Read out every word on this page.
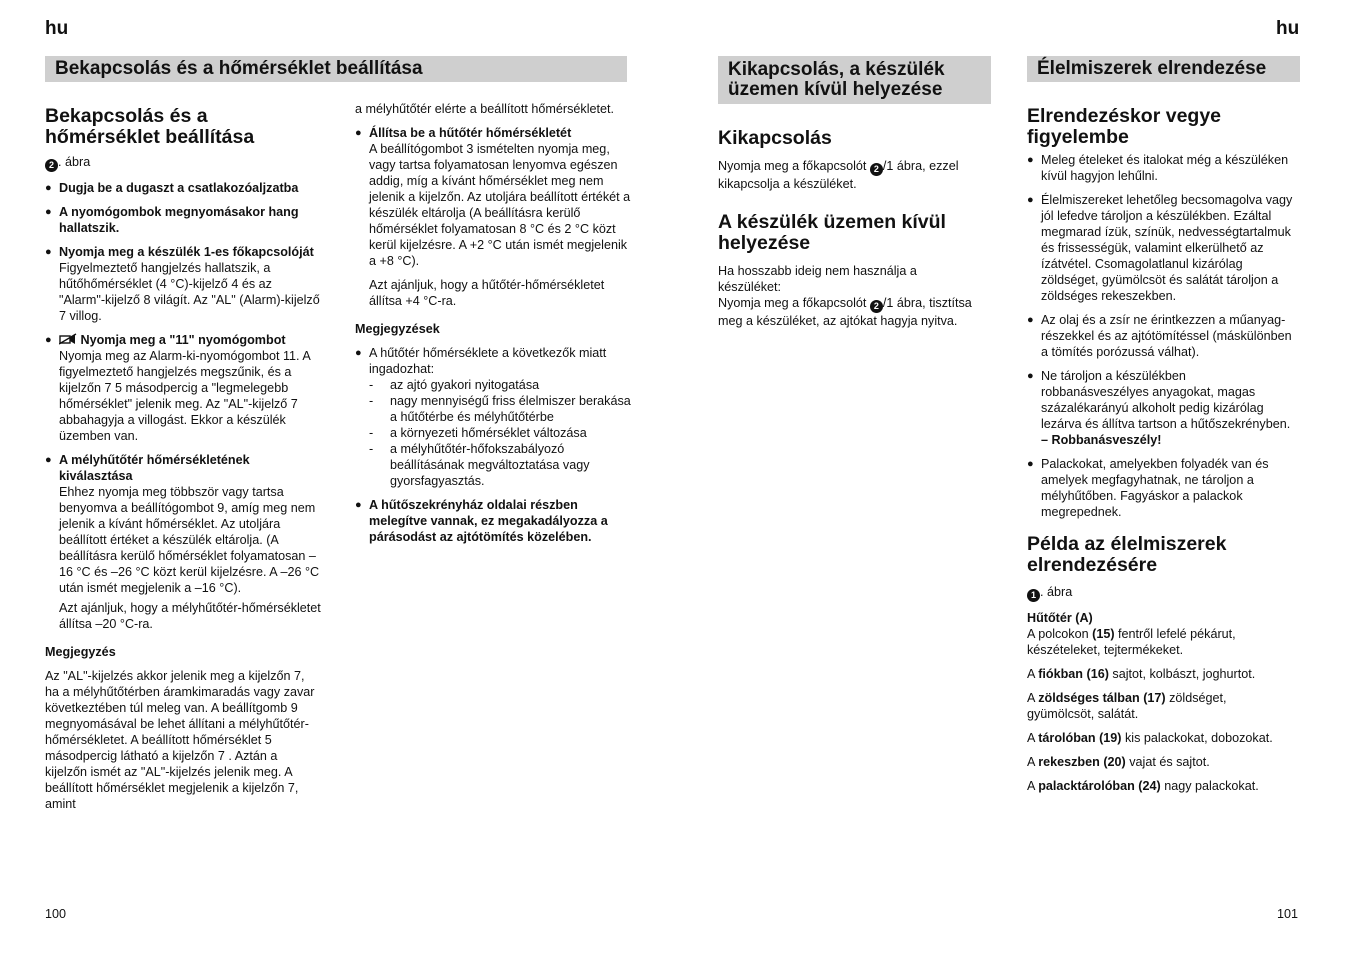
hu	hu
100	101
Bekapcsolás és a hőmérséklet beállítása	Kikapcsolás, a készülék üzemen kívül helyezése
Élelmiszerek elrendezése
Bekapcsolás és a hőmérséklet beállítása

2 . ábra

● Dugja be a dugaszt a csatlakozóaljzatba
● A nyomógombok megnyomásakor hang hallatszik.
● Nyomja meg a készülék 1-es főkapcsolóját
Figyelmeztető hangjelzés hallatszik, a hűtőhőmérséklet (4 °C)-kijelző 4 és az "Alarm"-kijelző 8 világít. Az "AL" (Alarm)-kijelző 7 villog.
● Nyomja meg a "11" nyomógombot
Nyomja meg az Alarm-ki-nyomógombot 11. A figyelmeztető hangjelzés megszűnik, és a kijelzőn 7 5 másodpercig a "legmelegebb hőmérséklet" jelenik meg. Az "AL"-kijelző 7 abbahagyja a villogást. Ekkor a készülék üzemben van.
● A mélyhűtőtér hőmérsékletének kiválasztása
Ehhez nyomja meg többször vagy tartsa benyomva a beállítógombot 9, amíg meg nem jelenik a kívánt hőmérséklet. Az utoljára beállított értéket a készülék eltárolja. (A beállításra kerülő hőmérséklet folyamatosan –16 °C és –26 °C közt kerül kijelzésre. A –26 °C után ismét megjelenik a –16 °C).
Azt ajánljuk, hogy a mélyhűtőtér-hőmérsékletet állítsa –20 °C-ra.

Megjegyzés

Az "AL"-kijelzés akkor jelenik meg a kijelzőn 7, ha a mélyhűtőtérben áramkimaradás vagy zavar következtében túl meleg van. A beállítgomb 9 megnyomásával be lehet állítani a mélyhűtőtér-hőmérsékletet. A beállított hőmérséklet 5 másodpercig látható a kijelzőn 7 . Aztán a kijelzőn ismét az "AL"-kijelzés jelenik meg. A beállított hőmérséklet megjelenik a kijelzőn 7, amint

a mélyhűtőtér elérte a beállított hőmérsékletet.

● Állítsa be a hűtőtér hőmérsékletét
A beállítógombot 3 ismételten nyomja meg, vagy tartsa folyamatosan lenyomva egészen addig, míg a kívánt hőmérséklet meg nem jelenik a kijelzőn. Az utoljára beállított értékét a készülék eltárolja (A beállításra kerülő hőmérséklet folyamatosan 8 °C és 2 °C közt kerül kijelzésre. A +2 °C után ismét megjelenik a +8 °C).
Azt ajánljuk, hogy a hűtőtér-hőmérsékletet állítsa +4 °C-ra.

Megjegyzések

● A hűtőtér hőmérséklete a következők miatt ingadozhat:
- az ajtó gyakori nyitogatása
- nagy mennyiségű friss élelmiszer berakása a hűtőtérbe és mélyhűtőtérbe
- a környezeti hőmérséklet változása
- a mélyhűtőtér-hőfokszabályozó beállításának megváltoztatása vagy gyorsfagyasztás.
● A hűtőszekrényház oldalai részben melegítve vannak, ez megakadályozza a párásodást az ajtótömítés közelében.
Kikapcsolás

Nyomja meg a főkapcsolót 2 /1 ábra, ezzel kikapcsolja a készüléket.

A készülék üzemen kívül helyezése

Ha hosszabb ideig nem használja a készüléket:

Nyomja meg a főkapcsolót 2 /1 ábra, tisztítsa meg a készüléket, az ajtókat hagyja nyitva.

Elrendezéskor vegye figyelembe
● Meleg ételeket és italokat még a készüléken kívül hagyjon lehűlni.
● Élelmiszereket lehetőleg becsomagolva vagy jól lefedve tároljon a készülékben. Ezáltal megmarad ízük, színük, nedvességtartalmuk és frissességük, valamint elkerülhető az ízátvétel. Csomagolatlanul kizárólag zöldséget, gyümölcsöt és salátát tároljon a zöldséges rekeszekben.
● Az olaj és a zsír ne érintkezzen a műanyag-részekkel és az ajtótömítéssel (máskülönben a tömítés porózussá válhat).
● Ne tároljon a készülékben robbanásveszélyes anyagokat, magas százalékarányú alkoholt pedig kizárólag lezárva és állítva tartson a hűtőszekrényben.
– Robbanásveszély!
● Palackokat, amelyekben folyadék van és amelyek megfagyhatnak, ne tároljon a mélyhűtőben. Fagyáskor a palackok megrepednek.
Példa az élelmiszerek elrendezésére

1 . ábra

Hűtőtér (A)

A polcokon (15) fentről lefelé pékárut, készételeket, tejtermékeket.

A fiókban (16) sajtot, kolbászt, joghurtot.

A zöldséges tálban (17) zöldséget, gyümölcsöt, salátát.

A tárolóban (19) kis palackokat, dobozokat.

A rekeszben (20) vajat és sajtot.

A palacktárolóban (24) nagy palackokat.
